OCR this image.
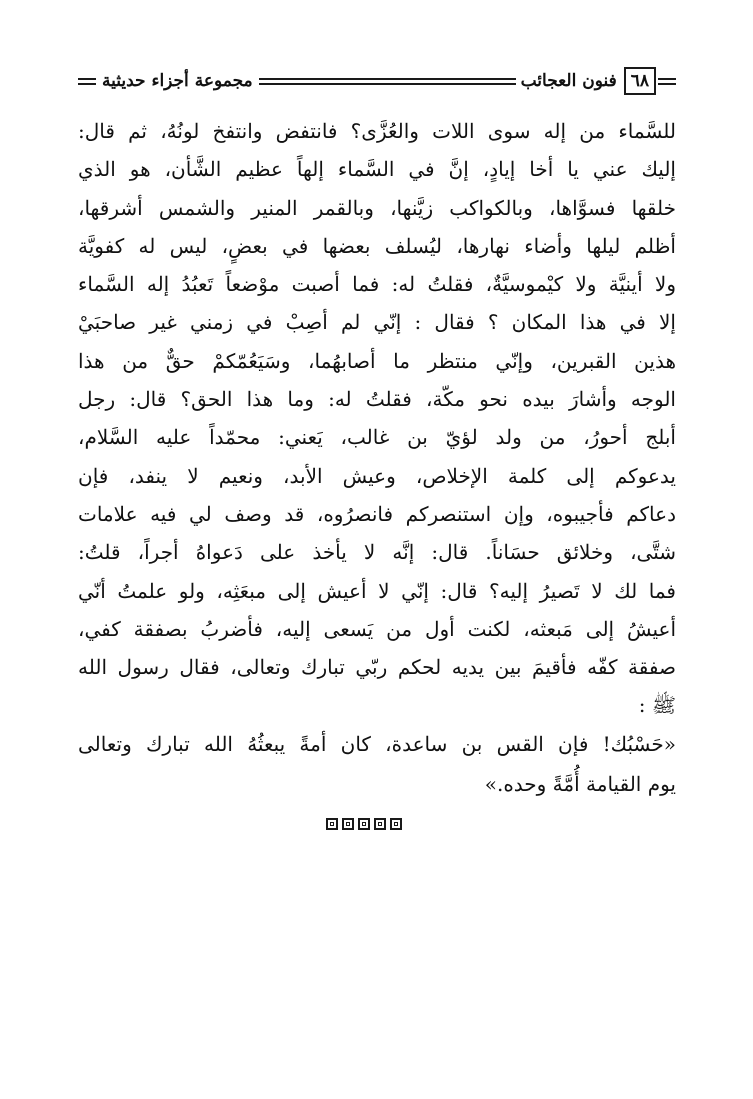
٦٨
فنون العجائب
مجموعة أجزاء حديثية
للسَّماء من إله سوى اللات والعُزَّى؟ فانتفض وانتفخ لونُهُ، ثم قال:
إليك عني يا أخا إيادٍ، إنَّ في السَّماء إلهاً عظيم الشَّأن، هو الذي
خلقها فسوَّاها، وبالكواكب زيَّنها، وبالقمر المنير والشمس أشرقها،
أظلم ليلها وأضاء نهارها، ليُسلف بعضها في بعضٍ، ليس له كفويَّة
ولا أينيَّة ولا كيْموسيَّةٌ، فقلتُ له: فما أصبت موْضعاً تَعبُدُ إله السَّماء
إلا في هذا المكان ؟ فقال : إنّي لم أصِبْ في زمني غير صاحبَيْ
هذين القبرين، وإنّي منتظر ما أصابهُما، وسَيَعُمّكمْ حقٌّ من هذا
الوجه وأشارَ بيده نحو مكّة، فقلتُ له: وما هذا الحق؟ قال: رجل
أبلج أحورُ، من ولد لؤيّ بن غالب، يَعني: محمّداً عليه السَّلام،
يدعوكم إلى كلمة الإخلاص، وعيش الأبد، ونعيم لا ينفد، فإن
دعاكم فأجيبوه، وإن استنصركم فانصرُوه، قد وصف لي فيه علامات
شتَّى، وخلائق حسَاناً. قال: إنَّه لا يأخذ على دَعواهُ أجراً، قلتُ:
فما لك لا تَصيرُ إليه؟ قال: إنّي لا أعيش إلى مبعَثِه، ولو علمتُ أنّي
أعيشُ إلى مَبعثه، لكنت أول من يَسعى إليه، فأضربُ بصفقة كفي،
صفقة كفّه فأقيمَ بين يديه لحكم ربّي تبارك وتعالى، فقال رسول الله
ﷺ :
«حَسْبُك! فإن القس بن ساعدة، كان أمةً يبعثُهُ الله تبارك وتعالى
يوم القيامة أُمَّةً وحده.»
